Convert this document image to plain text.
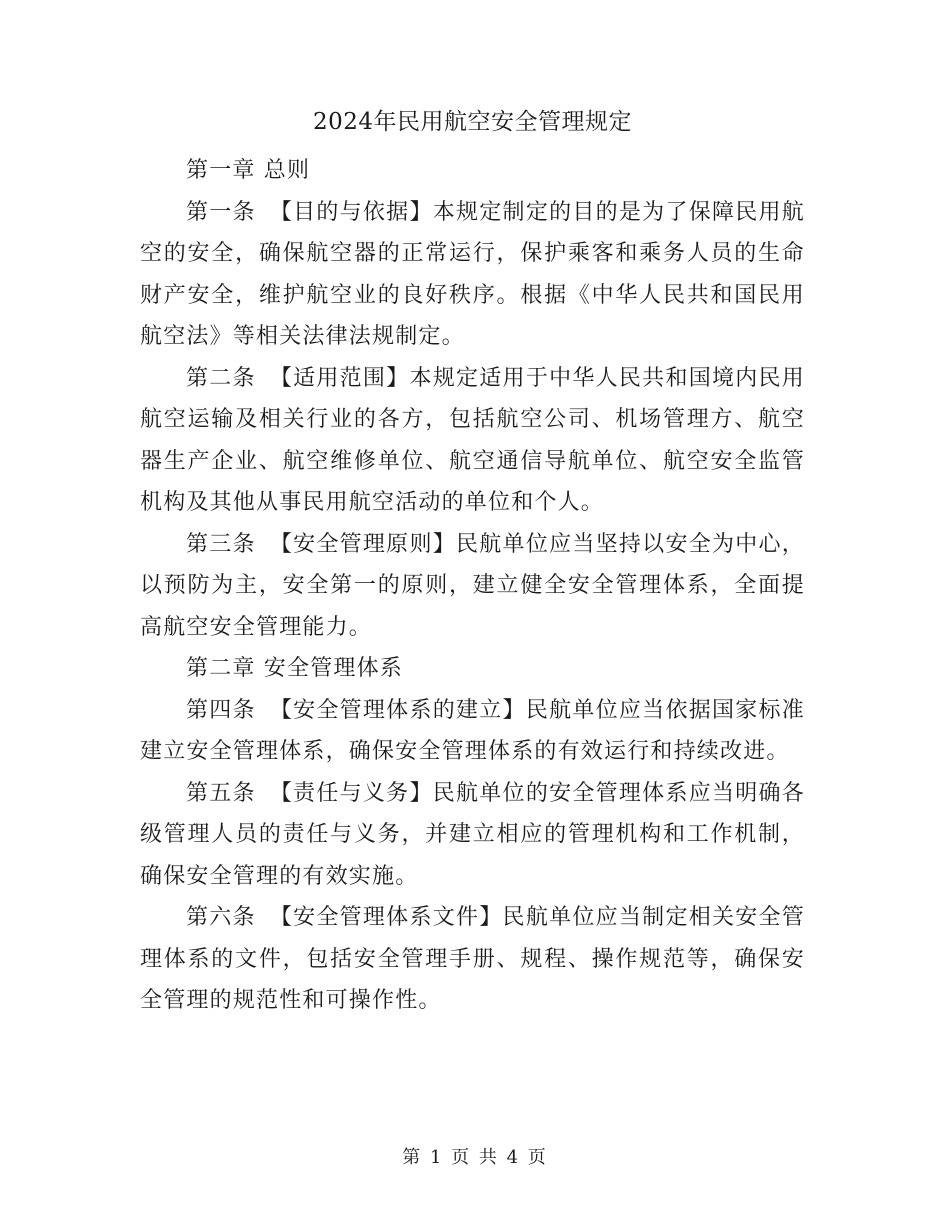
2024年民用航空安全管理规定

第一章 总则

第一条 【目的与依据】本规定制定的目的是为了保障民用航空的安全，确保航空器的正常运行，保护乘客和乘务人员的生命财产安全，维护航空业的良好秩序。根据《中华人民共和国民用航空法》等相关法律法规制定。

第二条 【适用范围】本规定适用于中华人民共和国境内民用航空运输及相关行业的各方，包括航空公司、机场管理方、航空器生产企业、航空维修单位、航空通信导航单位、航空安全监管机构及其他从事民用航空活动的单位和个人。

第三条 【安全管理原则】民航单位应当坚持以安全为中心，以预防为主，安全第一的原则，建立健全安全管理体系，全面提高航空安全管理能力。

第二章 安全管理体系

第四条 【安全管理体系的建立】民航单位应当依据国家标准建立安全管理体系，确保安全管理体系的有效运行和持续改进。

第五条 【责任与义务】民航单位的安全管理体系应当明确各级管理人员的责任与义务，并建立相应的管理机构和工作机制，确保安全管理的有效实施。

第六条 【安全管理体系文件】民航单位应当制定相关安全管理体系的文件，包括安全管理手册、规程、操作规范等，确保安全管理的规范性和可操作性。

第 1 页 共 4 页
